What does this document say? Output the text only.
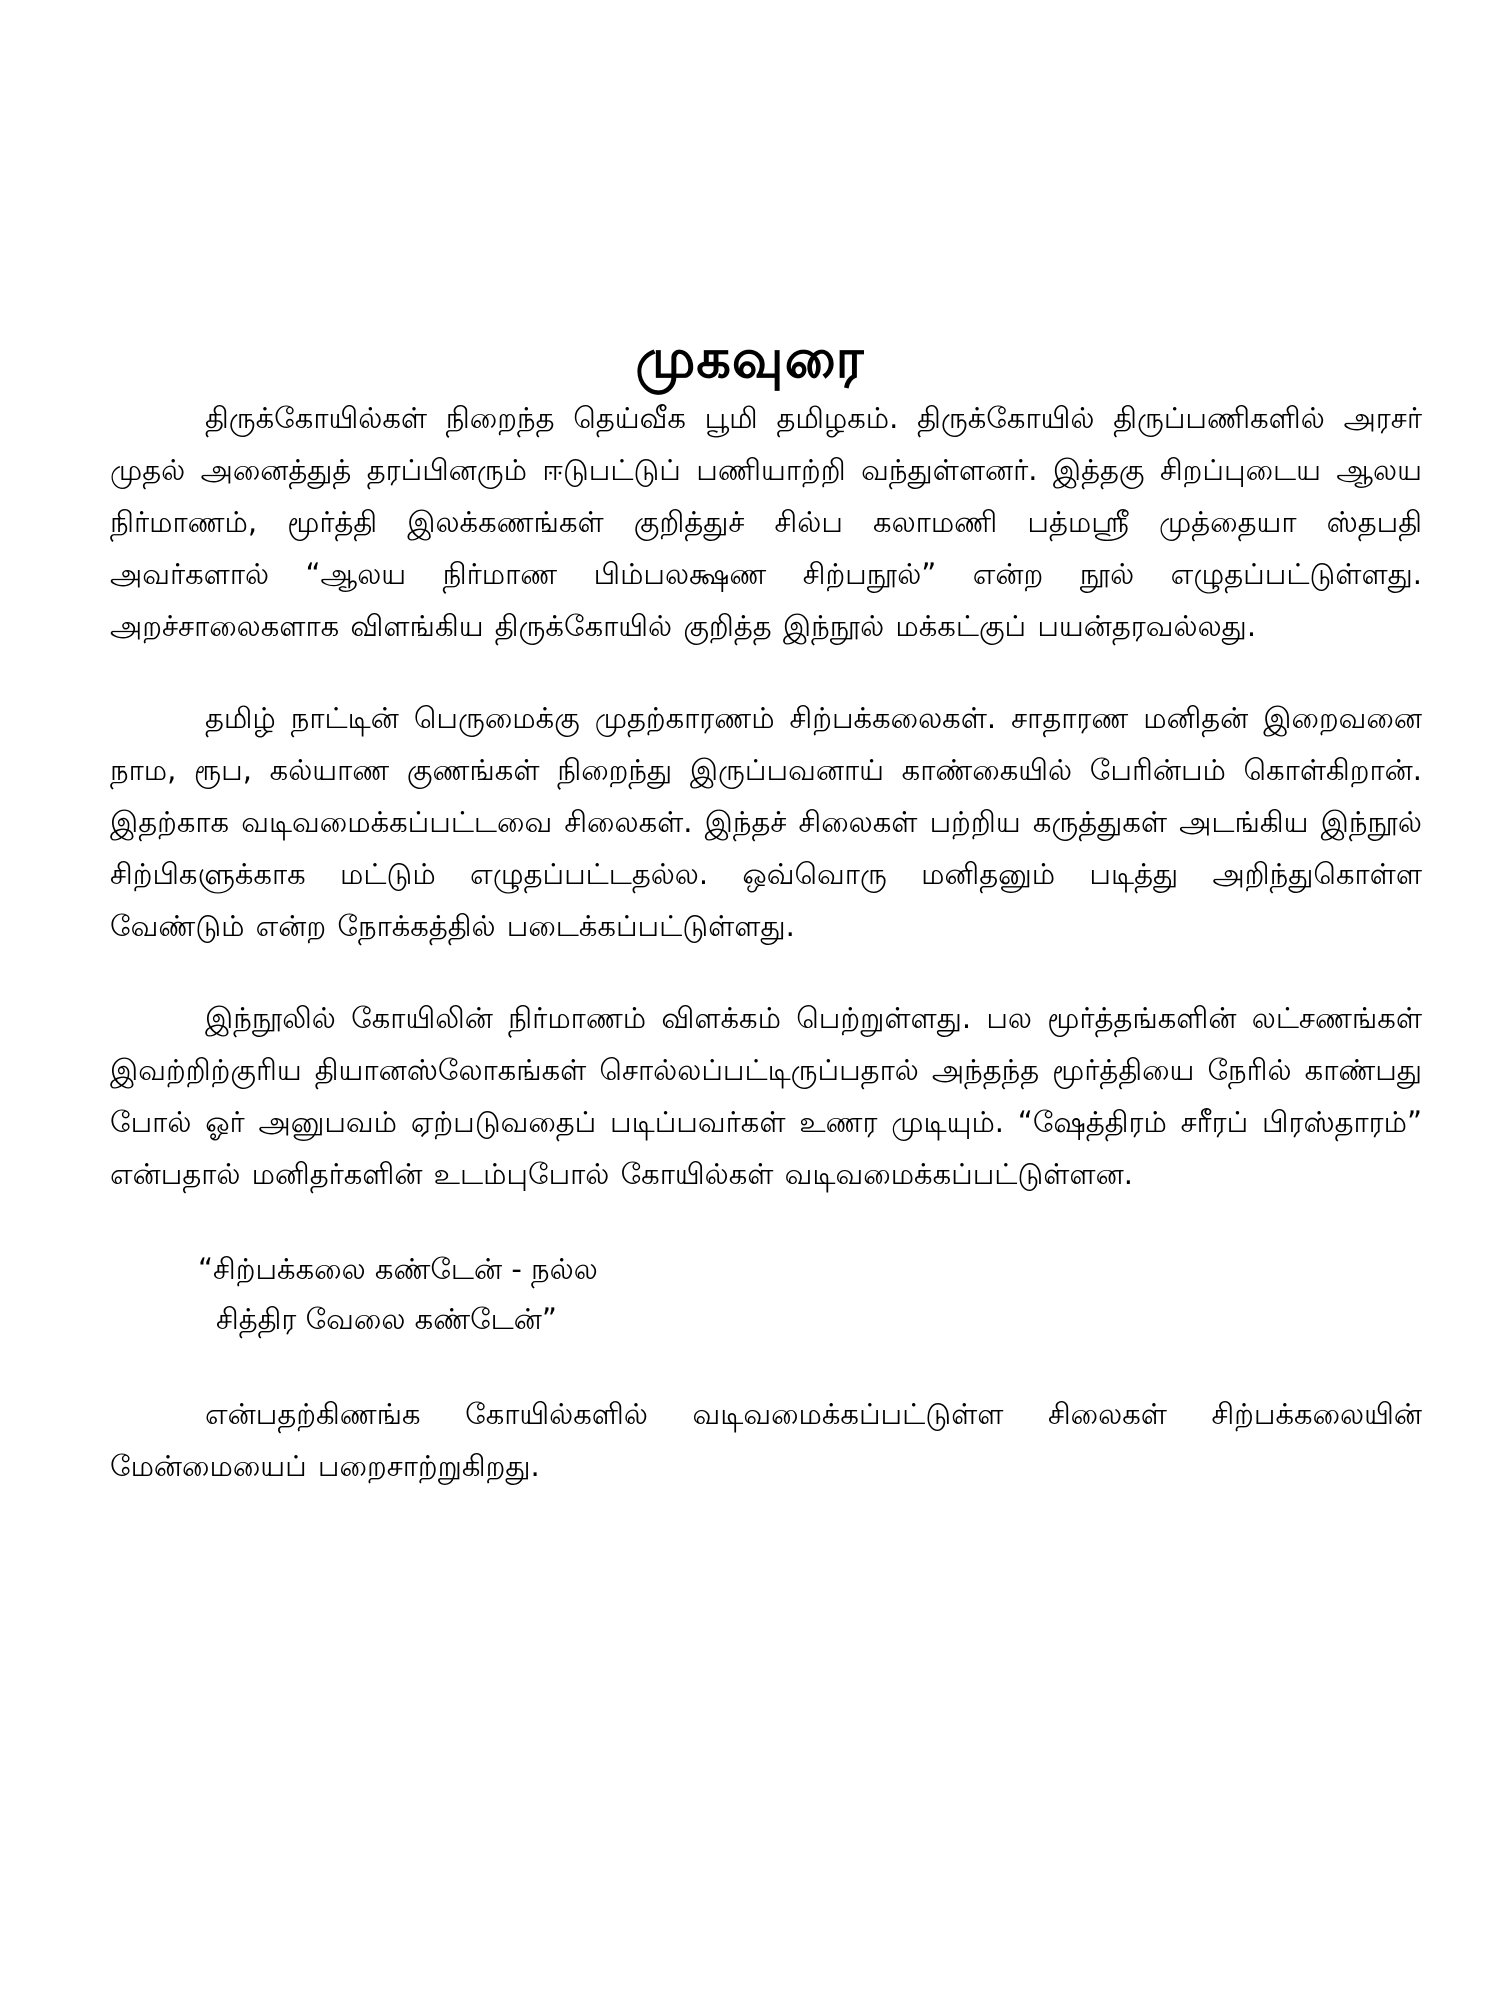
முகவுரை

திருக்கோயில்கள் நிறைந்த தெய்வீக பூமி தமிழகம். திருக்கோயில் திருப்பணிகளில் அரசர் முதல் அனைத்துத் தரப்பினரும் ஈடுபட்டுப் பணியாற்றி வந்துள்ளனர். இத்தகு சிறப்புடைய ஆலய நிர்மாணம், மூர்த்தி இலக்கணங்கள் குறித்துச் சில்ப கலாமணி பத்மஸ்ரீ முத்தையா ஸ்தபதி அவர்களால் “ஆலய நிர்மாண பிம்பலக்ஷண சிற்பநூல்” என்ற நூல் எழுதப்பட்டுள்ளது. அறச்சாலைகளாக விளங்கிய திருக்கோயில் குறித்த இந்நூல் மக்கட்குப் பயன்தரவல்லது.

தமிழ் நாட்டின் பெருமைக்கு முதற்காரணம் சிற்பக்கலைகள். சாதாரண மனிதன் இறைவனை நாம, ரூப, கல்யாண குணங்கள் நிறைந்து இருப்பவனாய் காண்கையில் பேரின்பம் கொள்கிறான். இதற்காக வடிவமைக்கப்பட்டவை சிலைகள். இந்தச் சிலைகள் பற்றிய கருத்துகள் அடங்கிய இந்நூல் சிற்பிகளுக்காக மட்டும் எழுதப்பட்டதல்ல. ஒவ்வொரு மனிதனும் படித்து அறிந்துகொள்ள வேண்டும் என்ற நோக்கத்தில் படைக்கப்பட்டுள்ளது.

இந்நூலில் கோயிலின் நிர்மாணம் விளக்கம் பெற்றுள்ளது. பல மூர்த்தங்களின் லட்சணங்கள் இவற்றிற்குரிய தியானஸ்லோகங்கள் சொல்லப்பட்டிருப்பதால் அந்தந்த மூர்த்தியை நேரில் காண்பது போல் ஓர் அனுபவம் ஏற்படுவதைப் படிப்பவர்கள் உணர முடியும். “ஷேத்திரம் சரீரப் பிரஸ்தாரம்” என்பதால் மனிதர்களின் உடம்புபோல் கோயில்கள் வடிவமைக்கப்பட்டுள்ளன.

“சிற்பக்கலை கண்டேன் - நல்ல
சித்திர வேலை கண்டேன்”

என்பதற்கிணங்க கோயில்களில் வடிவமைக்கப்பட்டுள்ள சிலைகள் சிற்பக்கலையின் மேன்மையைப் பறைசாற்றுகிறது.
